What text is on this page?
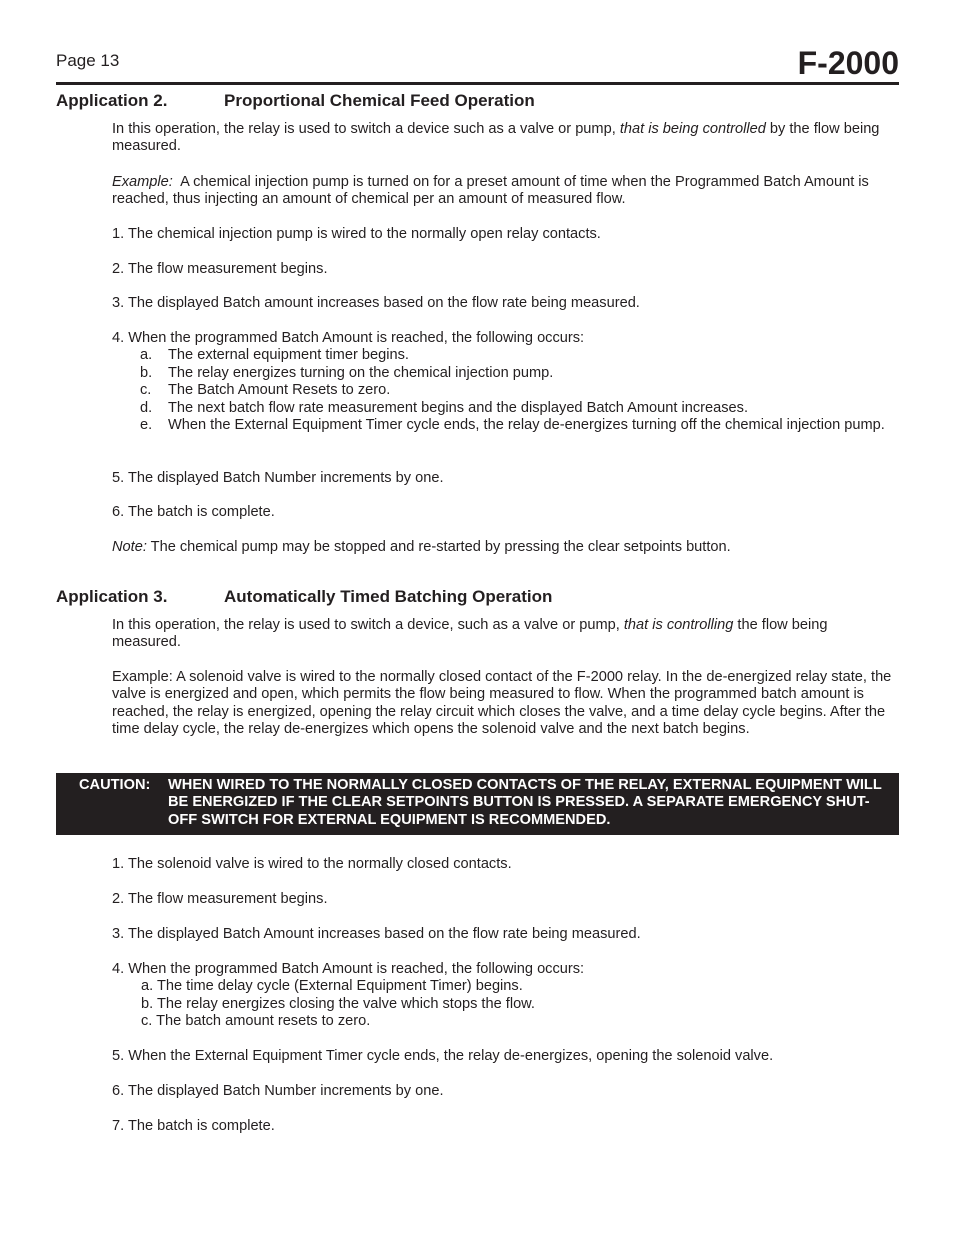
Page 13	F-2000
Application 2.	Proportional Chemical Feed Operation

In this operation, the relay is used to switch a device such as a valve or pump, that is being controlled by the flow being measured.

Example:  A chemical injection pump is turned on for a preset amount of time when the Programmed Batch Amount is reached, thus injecting an amount of chemical per an amount of measured flow.

1. The chemical injection pump is wired to the normally open relay contacts.
2. The flow measurement begins.
3. The displayed Batch amount increases based on the flow rate being measured.
4. When the programmed Batch Amount is reached, the following occurs:
a. The external equipment timer begins.
b. The relay energizes turning on the chemical injection pump.
c. The Batch Amount Resets to zero.
d. The next batch flow rate measurement begins and the displayed Batch Amount increases.
e. When the External Equipment Timer cycle ends, the relay de-energizes turning off the chemical injection pump.
5. The displayed Batch Number increments by one.
6. The batch is complete.

Note: The chemical pump may be stopped and re-started by pressing the clear setpoints button.

Application 3.	Automatically Timed Batching Operation

In this operation, the relay is used to switch a device, such as a valve or pump, that is controlling the flow being measured.

Example: A solenoid valve is wired to the normally closed contact of the F-2000 relay. In the de-energized relay state, the valve is energized and open, which permits the flow being measured to flow. When the programmed batch amount is reached, the relay is energized, opening the relay circuit which closes the valve, and a time delay cycle begins. After the time delay cycle, the relay de-energizes which opens the solenoid valve and the next batch begins.

CAUTION: WHEN WIRED TO THE NORMALLY CLOSED CONTACTS OF THE RELAY, EXTERNAL EQUIPMENT WILL BE ENERGIZED IF THE CLEAR SETPOINTS BUTTON IS PRESSED. A SEPARATE EMERGENCY SHUT-OFF SWITCH FOR EXTERNAL EQUIPMENT IS RECOMMENDED.
1. The solenoid valve is wired to the normally closed contacts.
2. The flow measurement begins.
3. The displayed Batch Amount increases based on the flow rate being measured.
4. When the programmed Batch Amount is reached, the following occurs:
a. The time delay cycle (External Equipment Timer) begins.
b. The relay energizes closing the valve which stops the flow.
c. The batch amount resets to zero.
5. When the External Equipment Timer cycle ends, the relay de-energizes, opening the solenoid valve.
6. The displayed Batch Number increments by one.
7. The batch is complete.
